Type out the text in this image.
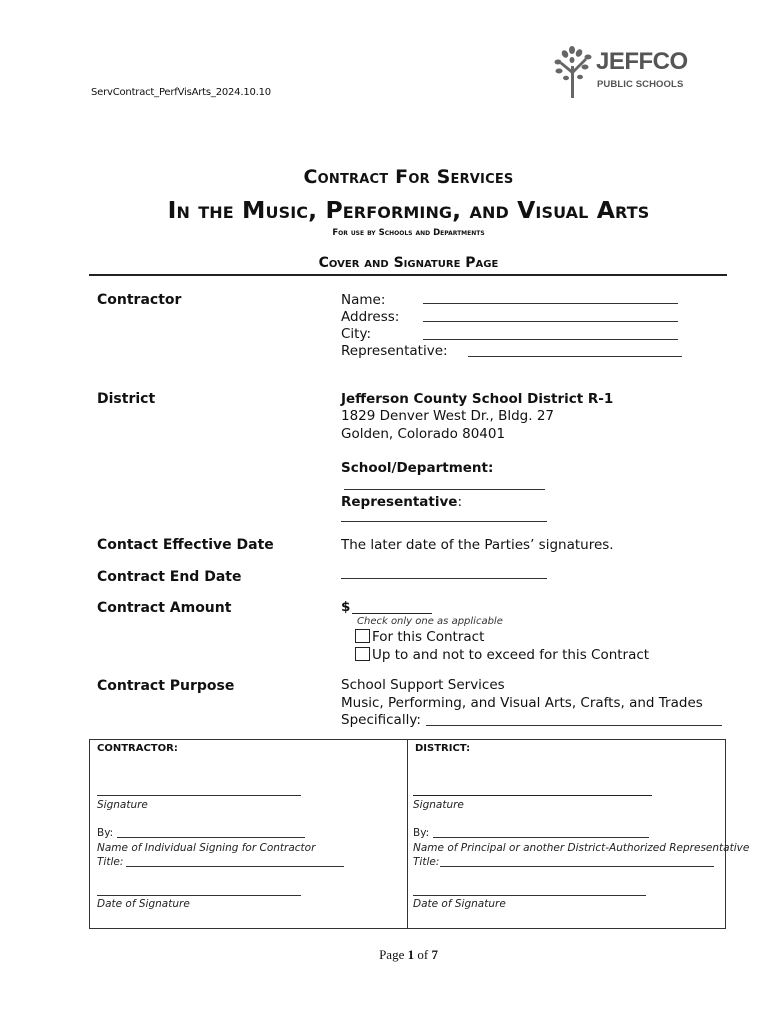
ServContract_PerfVisArts_2024.10.10
JEFFCO
PUBLIC SCHOOLS
Contract For Services
In the Music, Performing, and Visual Arts
For use by Schools and Departments
Cover and Signature Page
Contractor	Name:
Address:
City:
Representative:
District	Jefferson County School District R-1
1829 Denver West Dr., Bldg. 27
Golden, Colorado 80401
School/Department:
Representative:
Contact Effective Date	The later date of the Parties’ signatures.
Contract End Date
Contract Amount	$
Check only one as applicable
For this Contract
Up to and not to exceed for this Contract
Contract Purpose	School Support Services
Music, Performing, and Visual Arts, Crafts, and Trades
Specifically:
CONTRACTOR:
Signature
By:
Name of Individual Signing for Contractor
Title:
Date of Signature

DISTRICT:
Signature
By:
Name of Principal or another District-Authorized Representative
Title:
Date of Signature
Page 1 of 7
